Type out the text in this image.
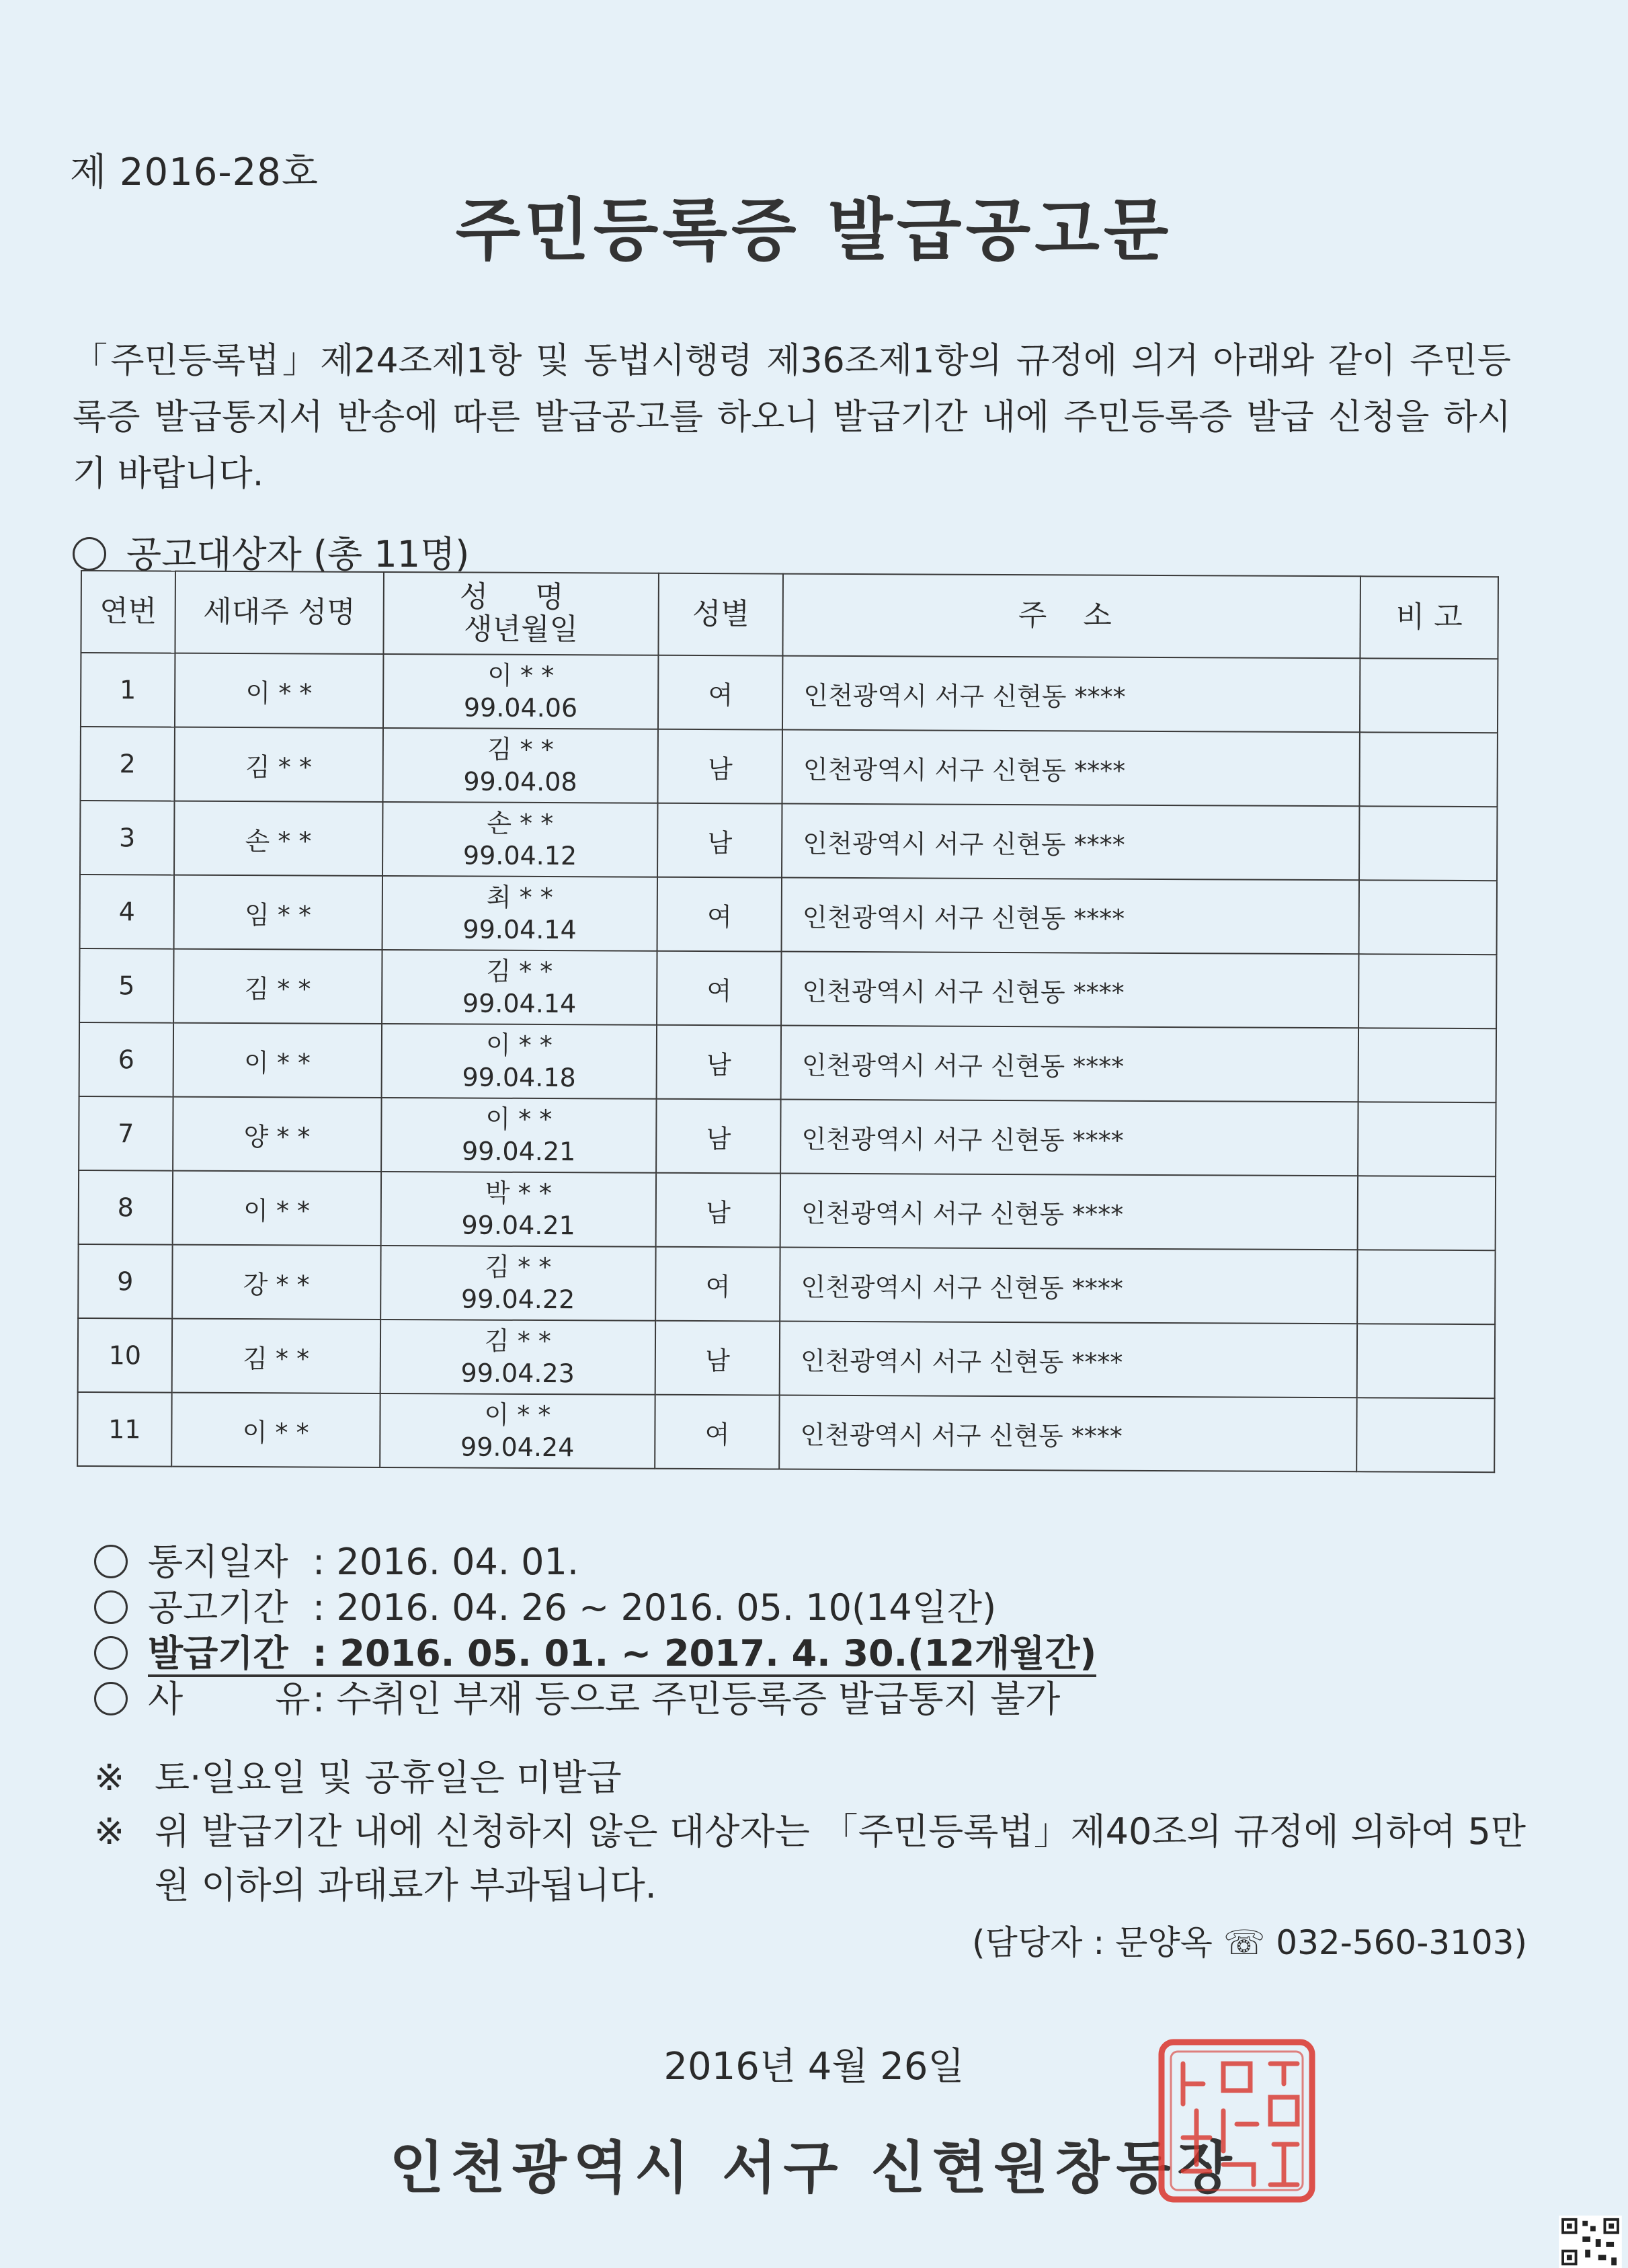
제 2016-28호
주민등록증 발급공고문
「주민등록법」제24조제1항 및 동법시행령 제36조제1항의 규정에 의거 아래와 같이 주민등록증 발급통지서 반송에 따른 발급공고를 하오니 발급기간 내에 주민등록증 발급 신청을 하시기 바랍니다.
공고대상자 (총 11명)
연번	세대주 성명	성 명
생년월일	성별	주 소	비 고
1	이 * *	이 * *
99.04.06	여	인천광역시 서구 신현동 ****	
2	김 * *	김 * *
99.04.08	남	인천광역시 서구 신현동 ****	
3	손 * *	손 * *
99.04.12	남	인천광역시 서구 신현동 ****	
4	임 * *	최 * *
99.04.14	여	인천광역시 서구 신현동 ****	
5	김 * *	김 * *
99.04.14	여	인천광역시 서구 신현동 ****	
6	이 * *	이 * *
99.04.18	남	인천광역시 서구 신현동 ****	
7	양 * *	이 * *
99.04.21	남	인천광역시 서구 신현동 ****	
8	이 * *	박 * *
99.04.21	남	인천광역시 서구 신현동 ****	
9	강 * *	김 * *
99.04.22	여	인천광역시 서구 신현동 ****	
10	김 * *	김 * *
99.04.23	남	인천광역시 서구 신현동 ****	
11	이 * *	이 * *
99.04.24	여	인천광역시 서구 신현동 ****	
통지일자 : 2016. 04. 01.
공고기간 : 2016. 04. 26 ~ 2016. 05. 10(14일간)
발급기간 : 2016. 05. 01. ~ 2017. 4. 30.(12개월간)
사 유: 수취인 부재 등으로 주민등록증 발급통지 불가
※ 토·일요일 및 공휴일은 미발급
※ 위 발급기간 내에 신청하지 않은 대상자는 「주민등록법」제40조의 규정에 의하여 5만원 이하의 과태료가 부과됩니다.
(담당자 : 문양옥 ☏ 032-560-3103)
2016년 4월 26일
인천광역시 서구 신현원창동장
